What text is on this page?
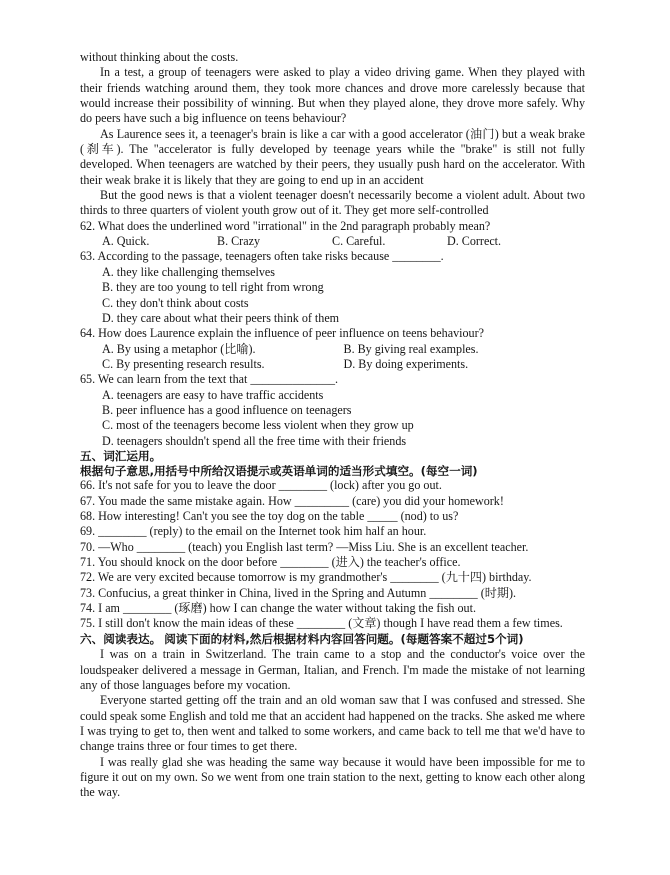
without thinking about the costs.

In a test, a group of teenagers were asked to play a video driving game. When they played with their friends watching around them, they took more chances and drove more carelessly because that would increase their possibility of winning. But when they played alone, they drove more safely. Why do peers have such a big influence on teens behaviour?

As Laurence sees it, a teenager's brain is like a car with a good accelerator (油门) but a weak brake (刹车). The "accelerator is fully developed by teenage years while the "brake" is still not fully developed. When teenagers are watched by their peers, they usually push hard on the accelerator. With their weak brake it is likely that they are going to end up in an accident

But the good news is that a violent teenager doesn't necessarily become a violent adult. About two thirds to three quarters of violent youth grow out of it. They get more self-controlled

62. What does the underlined word "irrational" in the 2nd paragraph probably mean?

A. Quick.	B. Crazy	C. Careful.	D. Correct.

63. According to the passage, teenagers often take risks because ________.

A. they like challenging themselves

B. they are too young to tell right from wrong

C. they don't think about costs

D. they care about what their peers think of them

64. How does Laurence explain the influence of peer influence on teens behaviour?

A. By using a metaphor (比喻).	B. By giving real examples.
C. By presenting research results.	D. By doing experiments.

65. We can learn from the text that ______________.

A. teenagers are easy to have traffic accidents

B. peer influence has a good influence on teenagers

C. most of the teenagers become less violent when they grow up

D. teenagers shouldn't spend all the free time with their friends

五、词汇运用。

根据句子意思,用括号中所给汉语提示或英语单词的适当形式填空。(每空一词)

66. It's not safe for you to leave the door ________ (lock) after you go out.

67. You made the same mistake again. How _________ (care) you did your homework!

68. How interesting! Can't you see the toy dog on the table _____ (nod) to us?

69. ________ (reply) to the email on the Internet took him half an hour.

70. —Who ________ (teach) you English last term? —Miss Liu. She is an excellent teacher.

71. You should knock on the door before ________ (进入) the teacher's office.

72. We are very excited because tomorrow is my grandmother's ________ (九十四) birthday.

73. Confucius, a great thinker in China, lived in the Spring and Autumn ________ (时期).

74. I am ________ (琢磨) how I can change the water without taking the fish out.

75. I still don't know the main ideas of these ________ (文章) though I have read them a few times.

六、阅读表达。 阅读下面的材料,然后根据材料内容回答问题。(每题答案不超过5个词)

I was on a train in Switzerland. The train came to a stop and the conductor's voice over the loudspeaker delivered a message in German, Italian, and French. I'm made the mistake of not learning any of those languages before my vocation.

Everyone started getting off the train and an old woman saw that I was confused and stressed. She could speak some English and told me that an accident had happened on the tracks. She asked me where I was trying to get to, then went and talked to some workers, and came back to tell me that we'd have to change trains three or four times to get there.

I was really glad she was heading the same way because it would have been impossible for me to figure it out on my own. So we went from one train station to the next, getting to know each other along the way.
